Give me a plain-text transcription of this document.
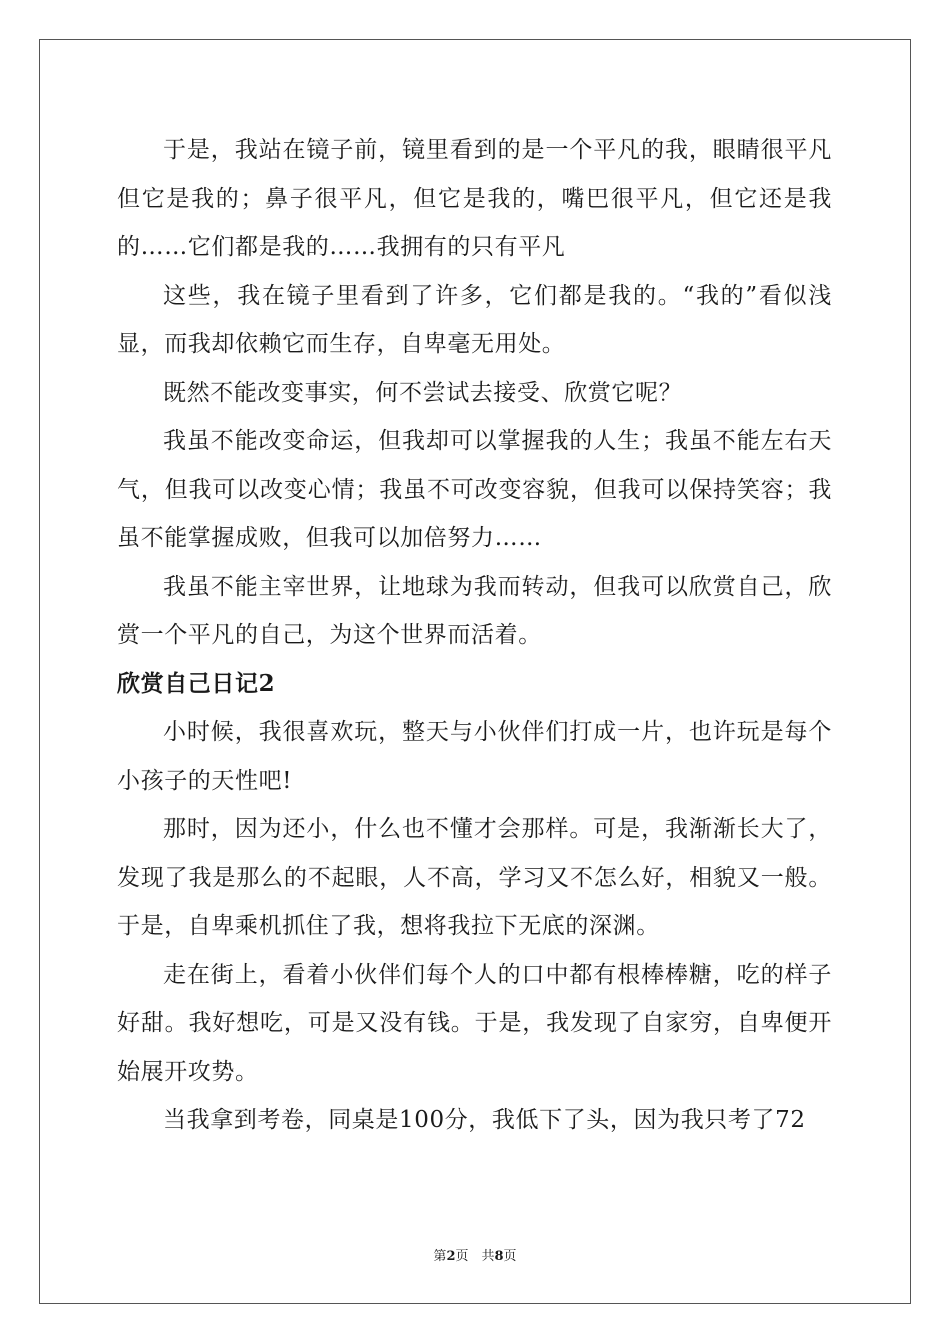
于是，我站在镜子前，镜里看到的是一个平凡的我，眼睛很平凡但它是我的；鼻子很平凡，但它是我的，嘴巴很平凡，但它还是我的……它们都是我的……我拥有的只有平凡

这些，我在镜子里看到了许多，它们都是我的。“我的”看似浅显，而我却依赖它而生存，自卑毫无用处。

既然不能改变事实，何不尝试去接受、欣赏它呢？

我虽不能改变命运，但我却可以掌握我的人生；我虽不能左右天气，但我可以改变心情；我虽不可改变容貌，但我可以保持笑容；我虽不能掌握成败，但我可以加倍努力……

我虽不能主宰世界，让地球为我而转动，但我可以欣赏自己，欣赏一个平凡的自己，为这个世界而活着。

欣赏自己日记2

小时候，我很喜欢玩，整天与小伙伴们打成一片，也许玩是每个小孩子的天性吧!

那时，因为还小，什么也不懂才会那样。可是，我渐渐长大了，发现了我是那么的不起眼，人不高，学习又不怎么好，相貌又一般。于是，自卑乘机抓住了我，想将我拉下无底的深渊。

走在街上，看着小伙伴们每个人的口中都有根棒棒糖，吃的样子好甜。我好想吃，可是又没有钱。于是，我发现了自家穷，自卑便开始展开攻势。

当我拿到考卷，同桌是100分，我低下了头，因为我只考了72

第2页　共8页
